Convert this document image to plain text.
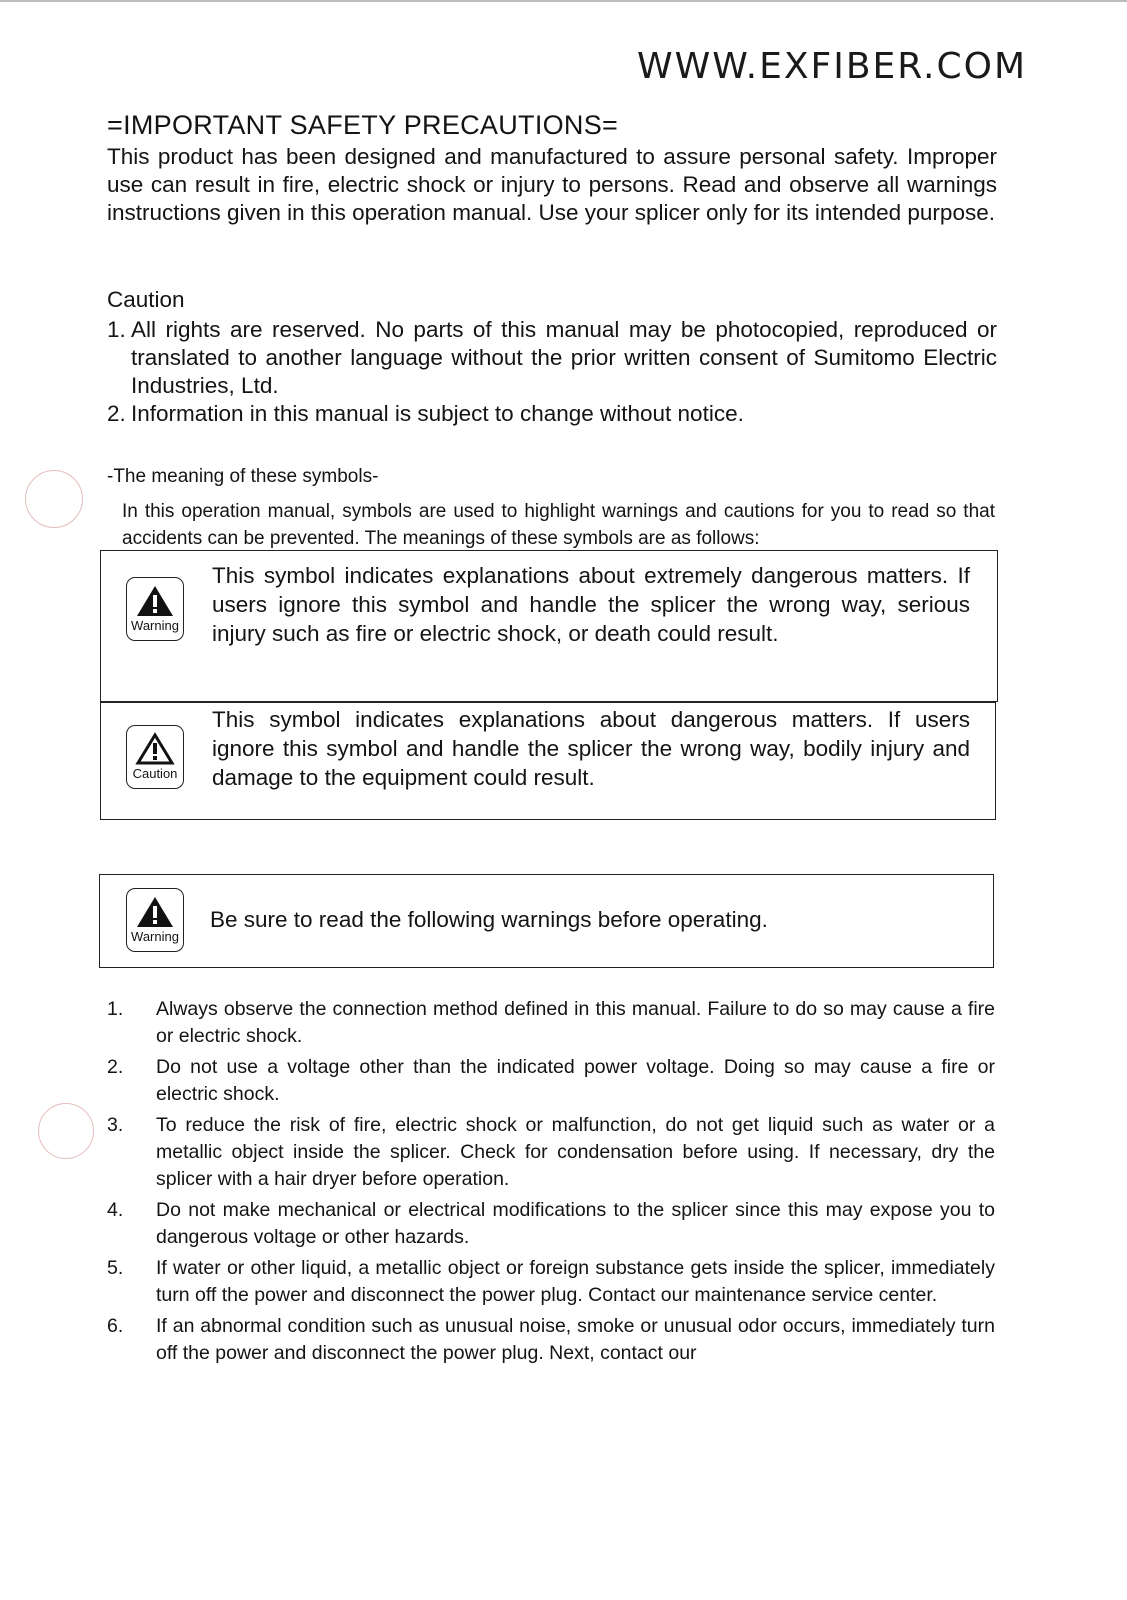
WWW.EXFIBER.COM
=IMPORTANT SAFETY PRECAUTIONS=

This product has been designed and manufactured to assure personal safety. Improper use can result in fire, electric shock or injury to persons. Read and observe all warnings instructions given in this operation manual. Use your splicer only for its intended purpose.

Caution
1. All rights are reserved. No parts of this manual may be photocopied, reproduced or translated to another language without the prior written consent of Sumitomo Electric Industries, Ltd.
2. Information in this manual is subject to change without notice.
-The meaning of these symbols-
In this operation manual, symbols are used to highlight warnings and cautions for you to read so that accidents can be prevented. The meanings of these symbols are as follows:
Warning
This symbol indicates explanations about extremely dangerous matters. If users ignore this symbol and handle the splicer the wrong way, serious injury such as fire or electric shock, or death could result.
Caution
This symbol indicates explanations about dangerous matters. If users ignore this symbol and handle the splicer the wrong way, bodily injury and damage to the equipment could result.
Warning
Be sure to read the following warnings before operating.
1.	Always observe the connection method defined in this manual. Failure to do so may cause a fire or electric shock.
2.	Do not use a voltage other than the indicated power voltage. Doing so may cause a fire or electric shock.
3.	To reduce the risk of fire, electric shock or malfunction, do not get liquid such as water or a metallic object inside the splicer. Check for condensation before using. If necessary, dry the splicer with a hair dryer before operation.
4.	Do not make mechanical or electrical modifications to the splicer since this may expose you to dangerous voltage or other hazards.
5.	If water or other liquid, a metallic object or foreign substance gets inside the splicer, immediately turn off the power and disconnect the power plug. Contact our maintenance service center.
6.	If an abnormal condition such as unusual noise, smoke or unusual odor occurs, immediately turn off the power and disconnect the power plug. Next, contact our
